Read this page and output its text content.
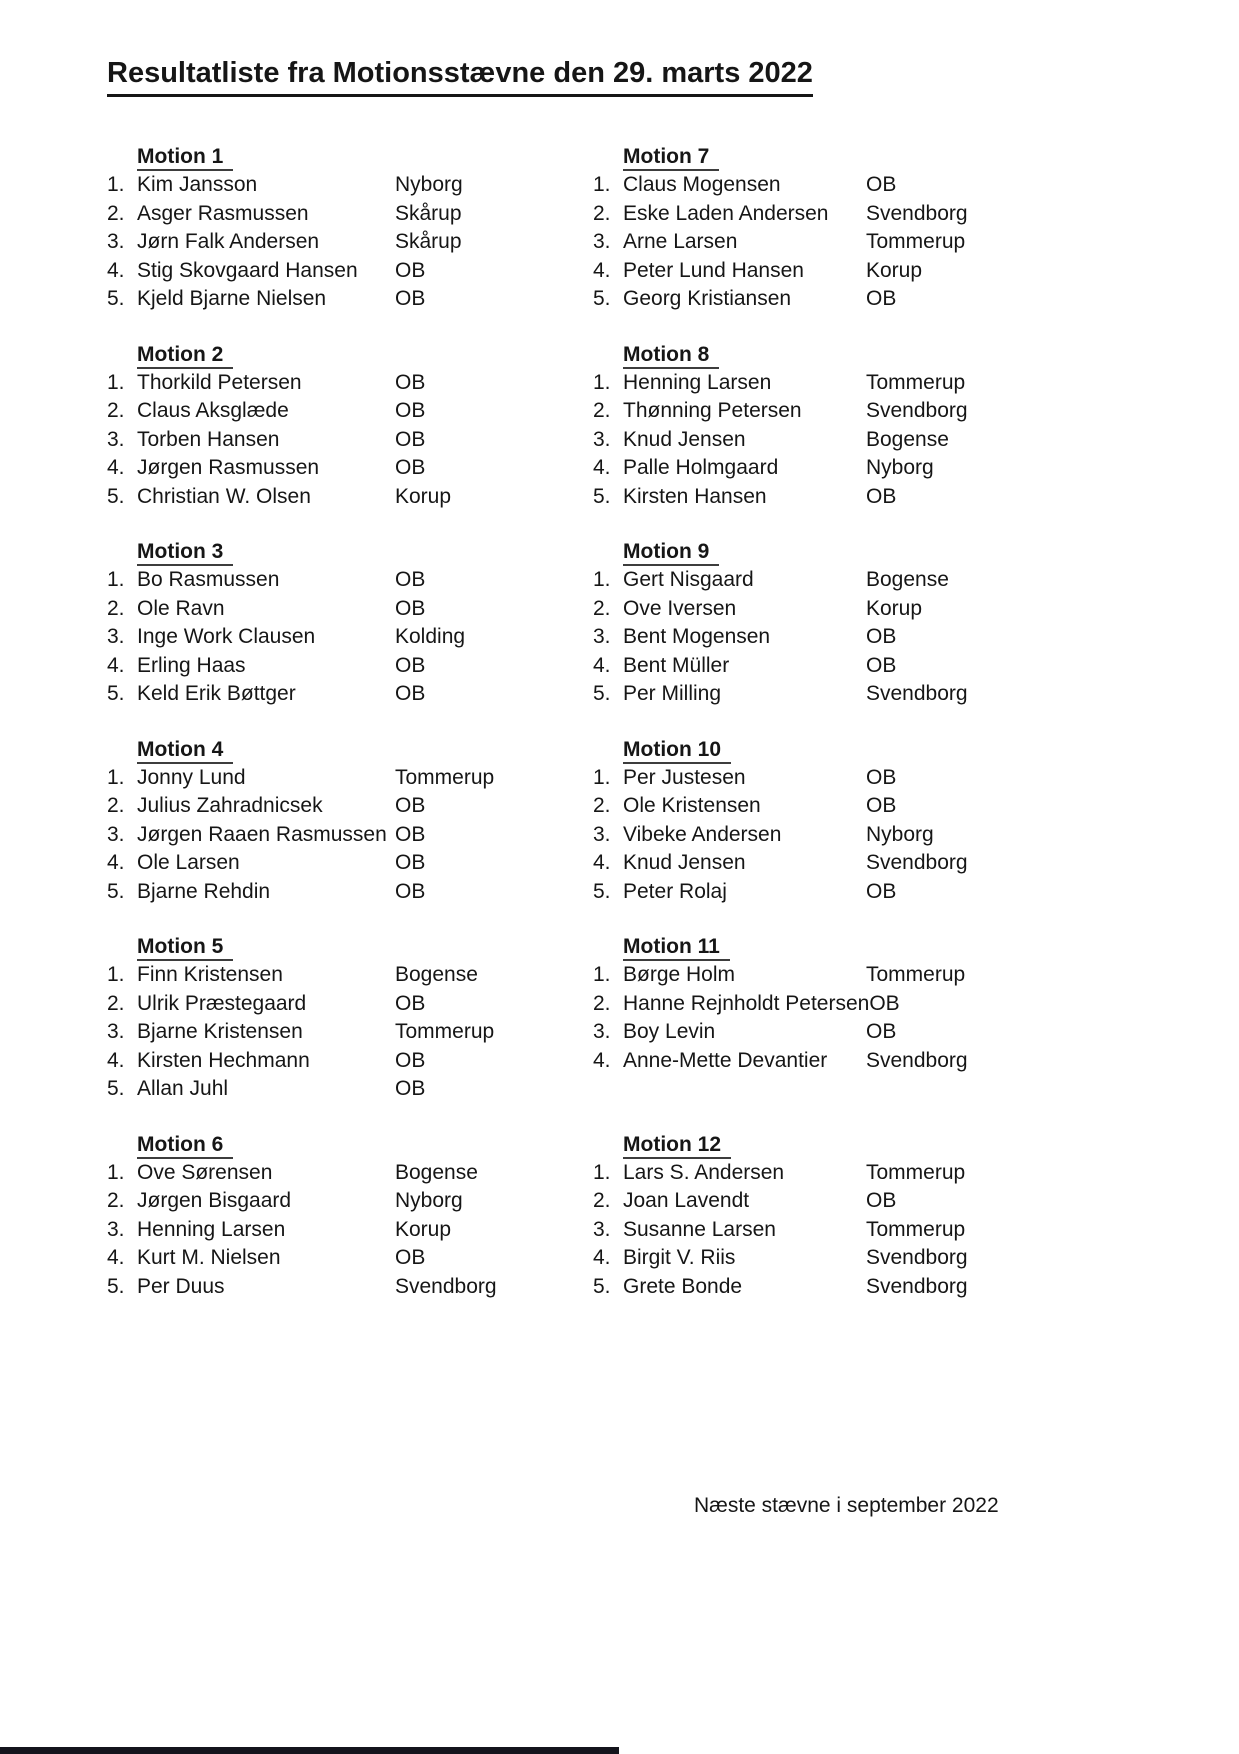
Resultatliste fra Motionsstævne den 29. marts 2022
Motion 1
1. Kim Jansson	Nyborg
2. Asger Rasmussen	Skårup
3. Jørn Falk Andersen	Skårup
4. Stig Skovgaard Hansen	OB
5. Kjeld Bjarne Nielsen	OB
Motion 2
1. Thorkild Petersen	OB
2. Claus Aksglæde	OB
3. Torben Hansen	OB
4. Jørgen Rasmussen	OB
5. Christian W. Olsen	Korup
Motion 3
1. Bo Rasmussen	OB
2. Ole Ravn	OB
3. Inge Work Clausen	Kolding
4. Erling Haas	OB
5. Keld Erik Bøttger	OB
Motion 4
1. Jonny Lund	Tommerup
2. Julius Zahradnicsek	OB
3. Jørgen Raaen Rasmussen OB
4. Ole Larsen	OB
5. Bjarne Rehdin	OB
Motion 5
1. Finn Kristensen	Bogense
2. Ulrik Præstegaard	OB
3. Bjarne Kristensen	Tommerup
4. Kirsten Hechmann	OB
5. Allan Juhl	OB
Motion 6
1. Ove Sørensen	Bogense
2. Jørgen Bisgaard	Nyborg
3. Henning Larsen	Korup
4. Kurt M. Nielsen	OB
5. Per Duus	Svendborg
Motion 7
1. Claus Mogensen	OB
2. Eske Laden Andersen	Svendborg
3. Arne Larsen	Tommerup
4. Peter Lund Hansen	Korup
5. Georg Kristiansen	OB
Motion 8
1. Henning Larsen	Tommerup
2. Thønning Petersen	Svendborg
3. Knud Jensen	Bogense
4. Palle Holmgaard	Nyborg
5. Kirsten Hansen	OB
Motion 9
1. Gert Nisgaard	Bogense
2. Ove Iversen	Korup
3. Bent Mogensen	OB
4. Bent Müller	OB
5. Per Milling	Svendborg
Motion 10
1. Per Justesen	OB
2. Ole Kristensen	OB
3. Vibeke Andersen	Nyborg
4. Knud Jensen	Svendborg
5. Peter Rolaj	OB
Motion 11
1. Børge Holm	Tommerup
2. Hanne Rejnholdt Petersen OB
3. Boy Levin	OB
4. Anne-Mette Devantier	Svendborg
Motion 12
1. Lars S. Andersen	Tommerup
2. Joan Lavendt	OB
3. Susanne Larsen	Tommerup
4. Birgit V. Riis	Svendborg
5. Grete Bonde	Svendborg
Næste stævne i september 2022
